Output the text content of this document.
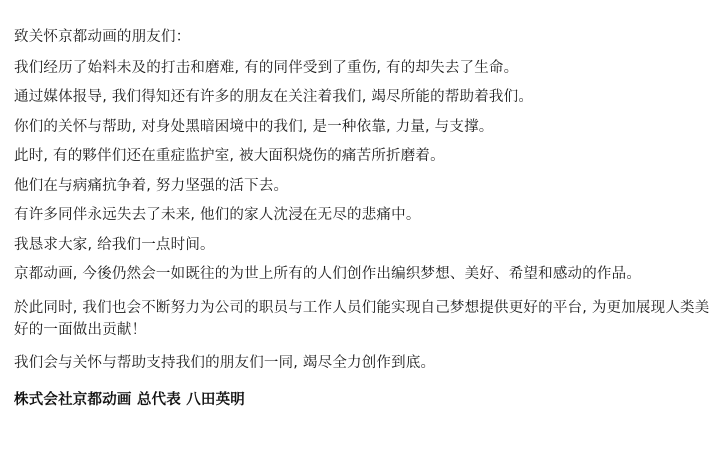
致关怀京都动画的朋友们：

我们经历了始料未及的打击和磨难, 有的同伴受到了重伤, 有的却失去了生命。

通过媒体报导, 我们得知还有许多的朋友在关注着我们, 竭尽所能的帮助着我们。

你们的关怀与帮助, 对身处黑暗困境中的我们, 是一种依靠, 力量, 与支撑。

此时, 有的夥伴们还在重症监护室, 被大面积烧伤的痛苦所折磨着。

他们在与病痛抗争着, 努力坚强的活下去。

有许多同伴永远失去了未来, 他们的家人沈浸在无尽的悲痛中。

我恳求大家, 给我们一点时间。

京都动画, 今後仍然会一如既往的为世上所有的人们创作出编织梦想、美好、希望和感动的作品。

於此同时, 我们也会不断努力为公司的职员与工作人员们能实现自己梦想提供更好的平台, 为更加展现人类美好的一面做出贡献！

我们会与关怀与帮助支持我们的朋友们一同, 竭尽全力创作到底。

株式会社京都动画 总代表 八田英明
